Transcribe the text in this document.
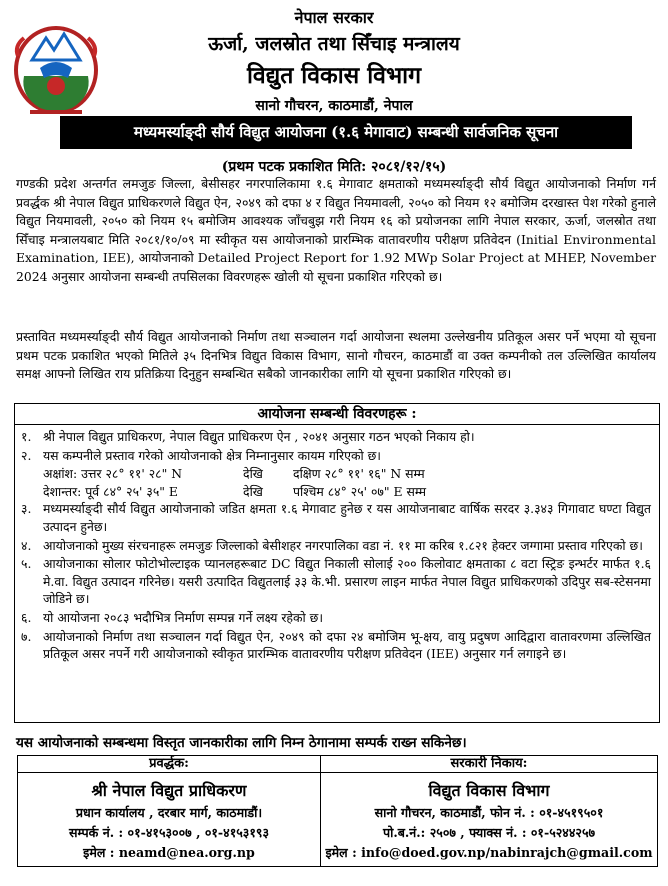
नेपाल सरकार
ऊर्जा, जलस्रोत तथा सिँचाइ मन्त्रालय
विद्युत विकास विभाग
सानो गौचरन, काठमाडौं, नेपाल
मध्यमर्स्याङ्दी सौर्य विद्युत आयोजना (१.६ मेगावाट) सम्बन्धी सार्वजनिक सूचना
(प्रथम पटक प्रकाशित मिति: २०८१/१२/१५)
गण्डकी प्रदेश अन्तर्गत लमजुङ जिल्ला, बेसीसहर नगरपालिकामा १.६ मेगावाट क्षमताको मध्यमर्स्याङ्दी सौर्य विद्युत आयोजनाको निर्माण गर्न प्रवर्द्धक श्री नेपाल विद्युत प्राधिकरणले विद्युत ऐन, २०४९ को दफा ४ र विद्युत नियमावली, २०५० को नियम १२ बमोजिम दरखास्त पेश गरेको हुनाले विद्युत नियमावली, २०५० को नियम १५ बमोजिम आवश्यक जाँचबुझ गरी नियम १६ को प्रयोजनका लागि नेपाल सरकार, ऊर्जा, जलस्रोत तथा सिँचाइ मन्त्रालयबाट मिति २०८१/१०/०९ मा स्वीकृत यस आयोजनाको प्रारम्भिक वातावरणीय परीक्षण प्रतिवेदन (Initial Environmental Examination, IEE), आयोजनाको Detailed Project Report for 1.92 MWp Solar Project at MHEP, November 2024 अनुसार आयोजना सम्बन्धी तपसिलका विवरणहरू खोली यो सूचना प्रकाशित गरिएको छ।
प्रस्तावित मध्यमर्स्याङ्दी सौर्य विद्युत आयोजनाको निर्माण तथा सञ्चालन गर्दा आयोजना स्थलमा उल्लेखनीय प्रतिकूल असर पर्ने भएमा यो सूचना प्रथम पटक प्रकाशित भएको मितिले ३५ दिनभित्र विद्युत विकास विभाग, सानो गौचरन, काठमाडौं वा उक्त कम्पनीको तल उल्लिखित कार्यालय समक्ष आफ्नो लिखित राय प्रतिक्रिया दिनुहुन सम्बन्धित सबैको जानकारीका लागि यो सूचना प्रकाशित गरिएको छ।
आयोजना सम्बन्धी विवरणहरू :
१. श्री नेपाल विद्युत प्राधिकरण, नेपाल विद्युत प्राधिकरण ऐन , २०४१ अनुसार गठन भएको निकाय हो।
२. यस कम्पनीले प्रस्ताव गरेको आयोजनाको क्षेत्र निम्नानुसार कायम गरिएको छ।
अक्षांश: उत्तर २८° ११' २८" N	देखि	दक्षिण २८° ११' १६" N सम्म
देशान्तर: पूर्व ८४° २५' ३५" E	देखि	पश्चिम ८४° २५' ०७" E सम्म
३. मध्यमर्स्याङ्दी सौर्य विद्युत आयोजनाको जडित क्षमता १.६ मेगावाट हुनेछ र यस आयोजनाबाट वार्षिक सरदर ३.३४३ गिगावाट घण्टा विद्युत उत्पादन हुनेछ।
४. आयोजनाको मुख्य संरचनाहरू लमजुङ जिल्लाको बेसीशहर नगरपालिका वडा नं. ११ मा करिब १.८२१ हेक्टर जग्गामा प्रस्ताव गरिएको छ।
५. आयोजनाका सोलार फोटोभोल्टाइक प्यानलहरूबाट DC विद्युत निकाली सोलाई २०० किलोवाट क्षमताका ८ वटा स्ट्रिङ इन्भर्टर मार्फत १.६ मे.वा. विद्युत उत्पादन गरिनेछ। यसरी उत्पादित विद्युतलाई ३३ के.भी. प्रसारण लाइन मार्फत नेपाल विद्युत प्राधिकरणको उदिपुर सब-स्टेसनमा जोडिने छ।
६. यो आयोजना २०८३ भदौभित्र निर्माण सम्पन्न गर्ने लक्ष्य रहेको छ।
७. आयोजनाको निर्माण तथा सञ्चालन गर्दा विद्युत ऐन, २०४९ को दफा २४ बमोजिम भू-क्षय, वायु प्रदुषण आदिद्वारा वातावरणमा उल्लिखित प्रतिकूल असर नपर्ने गरी आयोजनाको स्वीकृत प्रारम्भिक वातावरणीय परीक्षण प्रतिवेदन (IEE) अनुसार गर्न लगाइने छ।
यस आयोजनाको सम्बन्धमा विस्तृत जानकारीका लागि निम्न ठेगानामा सम्पर्क राख्न सकिनेछ।
प्रवर्द्धक:
श्री नेपाल विद्युत प्राधिकरण
प्रधान कार्यालय , दरबार मार्ग, काठमाडौं।
सम्पर्क नं. : ०१-४१५३००७ , ०१-४१५३१९३
इमेल : neamd@nea.org.np
सरकारी निकाय:
विद्युत विकास विभाग
सानो गौचरन, काठमाडौं, फोन नं. : ०१-४५१९५०१
पो.ब.नं.: २५०७ , फ्याक्स नं. : ०१-५२४४२५७
इमेल : info@doed.gov.np/nabinrajch@gmail.com
